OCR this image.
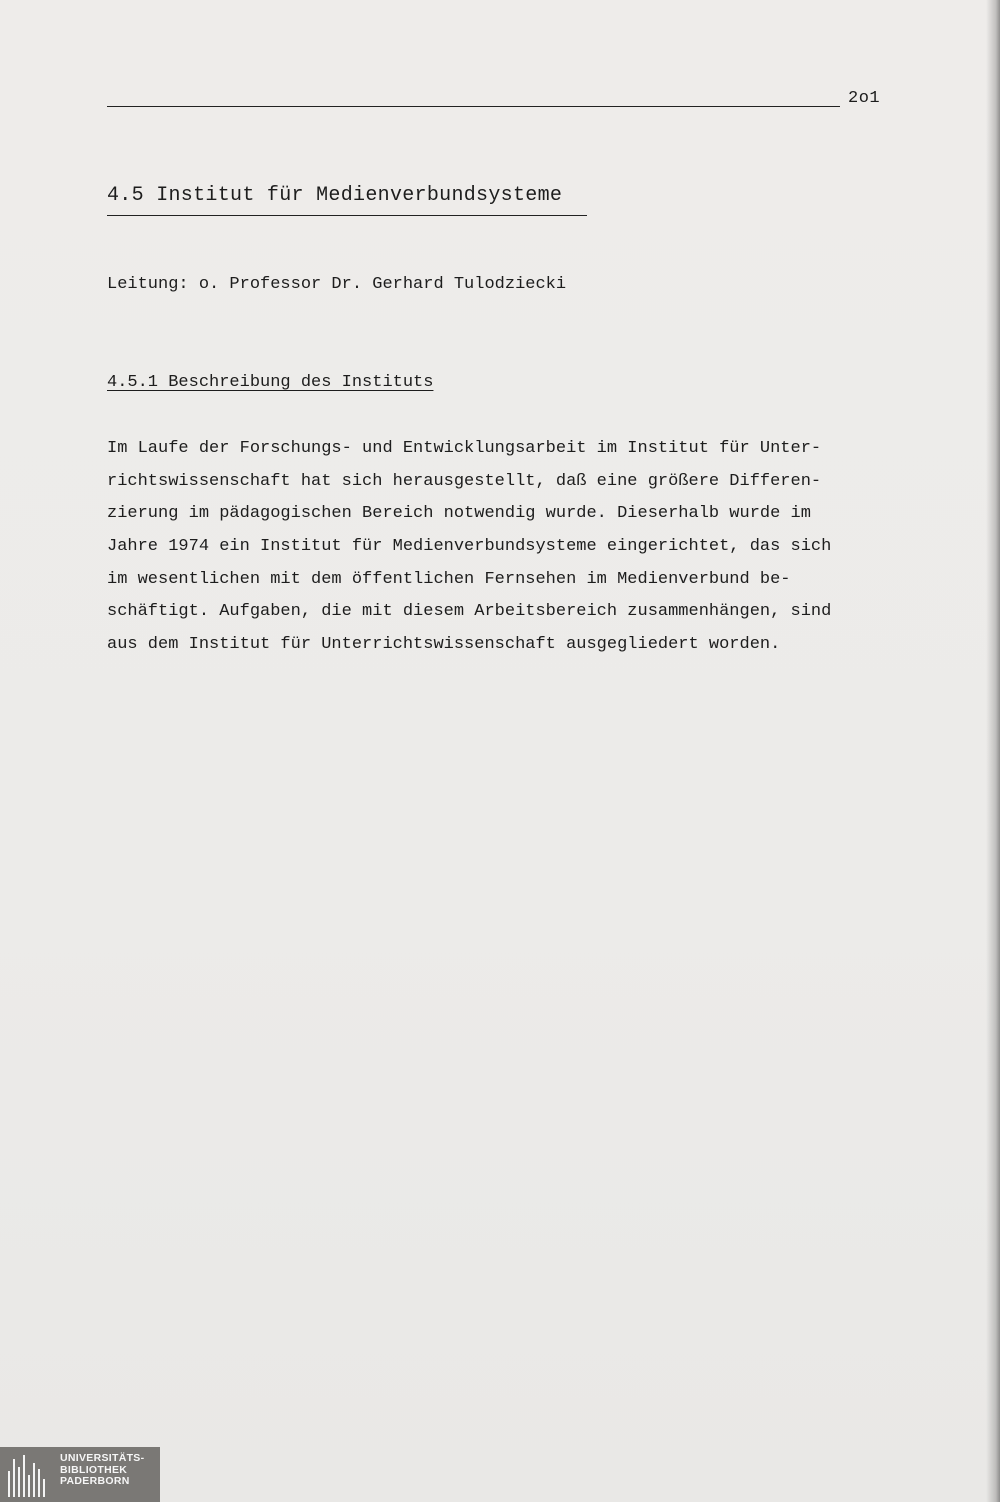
2o1
4.5 Institut für Medienverbundsysteme
Leitung: o. Professor Dr. Gerhard Tulodziecki
4.5.1 Beschreibung des Instituts
Im Laufe der Forschungs- und Entwicklungsarbeit im Institut für Unter-
richtswissenschaft hat sich herausgestellt, daß eine größere Differen-
zierung im pädagogischen Bereich notwendig wurde. Dieserhalb wurde im
Jahre 1974 ein Institut für Medienverbundsysteme eingerichtet, das sich
im wesentlichen mit dem öffentlichen Fernsehen im Medienverbund be-
schäftigt. Aufgaben, die mit diesem Arbeitsbereich zusammenhängen, sind
aus dem Institut für Unterrichtswissenschaft ausgegliedert worden.
UNIVERSITÄTS-
BIBLIOTHEK
PADERBORN
